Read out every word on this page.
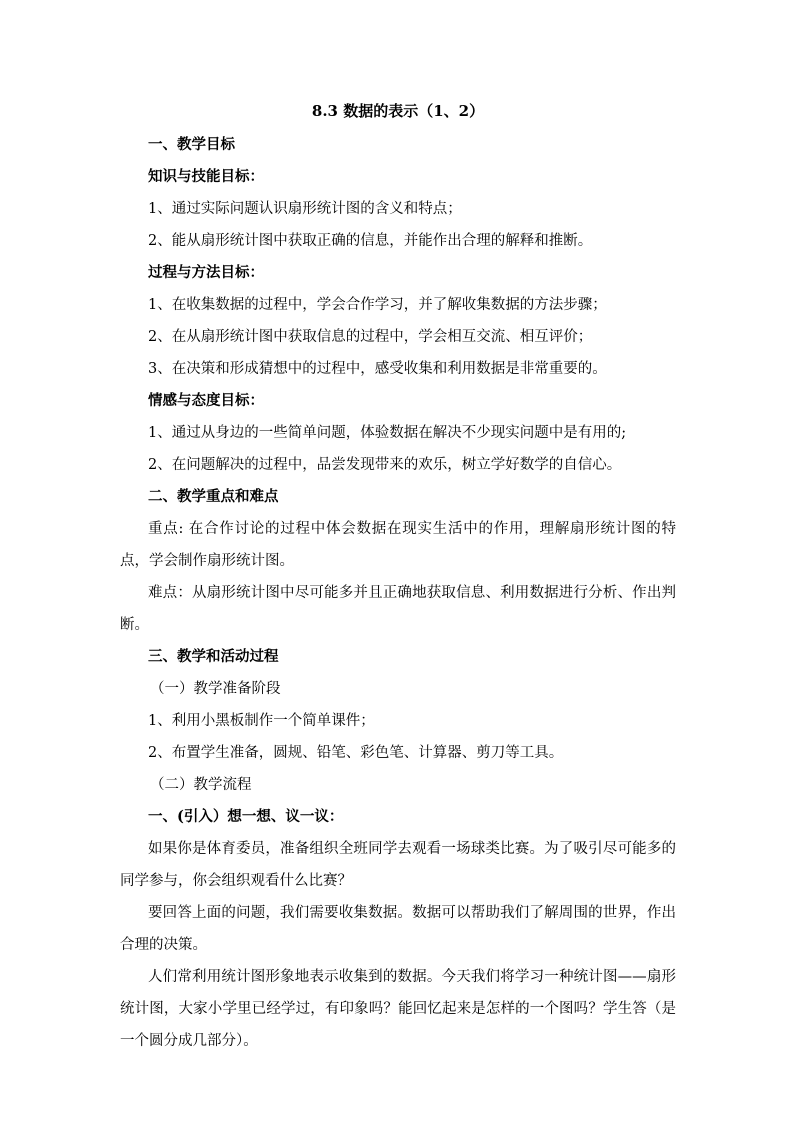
8.3 数据的表示（1、2）

一、教学目标

知识与技能目标：

1、通过实际问题认识扇形统计图的含义和特点；

2、能从扇形统计图中获取正确的信息，并能作出合理的解释和推断。

过程与方法目标：

1、在收集数据的过程中，学会合作学习，并了解收集数据的方法步骤；

2、在从扇形统计图中获取信息的过程中，学会相互交流、相互评价；

3、在决策和形成猜想中的过程中，感受收集和利用数据是非常重要的。

情感与态度目标：

1、通过从身边的一些简单问题，体验数据在解决不少现实问题中是有用的;

2、在问题解决的过程中，品尝发现带来的欢乐，树立学好数学的自信心。

二、教学重点和难点

重点: 在合作讨论的过程中体会数据在现实生活中的作用，理解扇形统计图的特点，学会制作扇形统计图。

难点：从扇形统计图中尽可能多并且正确地获取信息、利用数据进行分析、作出判断。

三、教学和活动过程

（一）教学准备阶段

1、利用小黑板制作一个简单课件；

2、布置学生准备，圆规、铅笔、彩色笔、计算器、剪刀等工具。

（二）教学流程

一、(引入）想一想、议一议：

如果你是体育委员，准备组织全班同学去观看一场球类比赛。为了吸引尽可能多的同学参与，你会组织观看什么比赛？

要回答上面的问题，我们需要收集数据。数据可以帮助我们了解周围的世界，作出合理的决策。

人们常利用统计图形象地表示收集到的数据。今天我们将学习一种统计图——扇形统计图，大家小学里已经学过，有印象吗？能回忆起来是怎样的一个图吗？学生答（是一个圆分成几部分）。
